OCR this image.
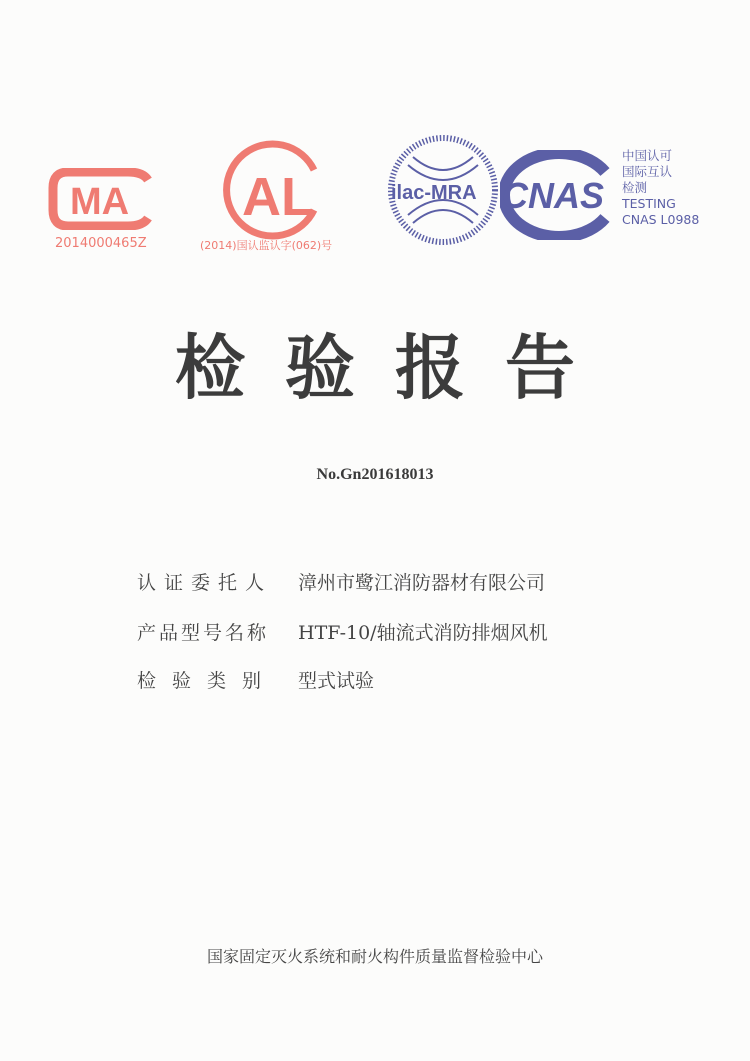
MA
2014000465Z
AL
(2014)国认监认字(062)号
ilac-MRA CNAS
中国认可
国际互认
检测
TESTING
CNAS L0988
检验报告
No.Gn201618013
认证委托人 漳州市鹭江消防器材有限公司
产品型号名称 HTF-10/轴流式消防排烟风机
检验类别 型式试验
国家固定灭火系统和耐火构件质量监督检验中心
